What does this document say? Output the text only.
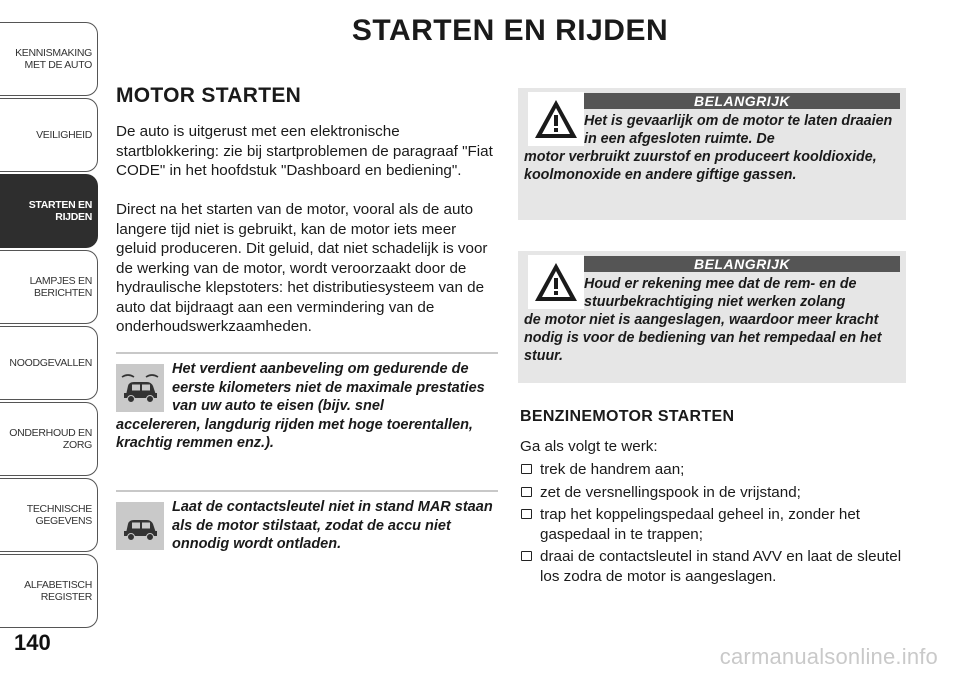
KENNISMAKING
MET DE AUTO
VEILIGHEID
STARTEN EN
RIJDEN
LAMPJES EN
BERICHTEN
NOODGEVALLEN
ONDERHOUD EN
ZORG
TECHNISCHE
GEGEVENS
ALFABETISCH
REGISTER
140
STARTEN EN RIJDEN
MOTOR STARTEN

De auto is uitgerust met een elektronische startblokkering: zie bij startproblemen de paragraaf "Fiat CODE" in het hoofdstuk "Dashboard en bediening".

Direct na het starten van de motor, vooral als de auto langere tijd niet is gebruikt, kan de motor iets meer geluid produceren. Dit geluid, dat niet schadelijk is voor de werking van de motor, wordt veroorzaakt door de hydraulische klepstoters: het distributiesysteem van de auto dat bijdraagt aan een vermindering van de onderhoudswerkzaamheden.

Het verdient aanbeveling om gedurende de eerste kilometers niet de maximale prestaties van uw auto te eisen (bijv. snel
accelereren, langdurig rijden met hoge toerentallen, krachtig remmen enz.).

Laat de contactsleutel niet in stand MAR staan als de motor stilstaat, zodat de accu niet onnodig wordt ontladen.

BELANGRIJK

Het is gevaarlijk om de motor te laten draaien in een afgesloten ruimte. De
motor verbruikt zuurstof en produceert kooldioxide, koolmonoxide en andere giftige gassen.

BELANGRIJK

Houd er rekening mee dat de rem- en de stuurbekrachtiging niet werken zolang
de motor niet is aangeslagen, waardoor meer kracht nodig is voor de bediening van het rempedaal en het stuur.

BENZINEMOTOR STARTEN

Ga als volgt te werk:

trek de handrem aan;
zet de versnellingspook in de vrijstand;
trap het koppelingspedaal geheel in, zonder het gaspedaal in te trappen;
draai de contactsleutel in stand AVV en laat de sleutel los zodra de motor is aangeslagen.
carmanualsonline.info
